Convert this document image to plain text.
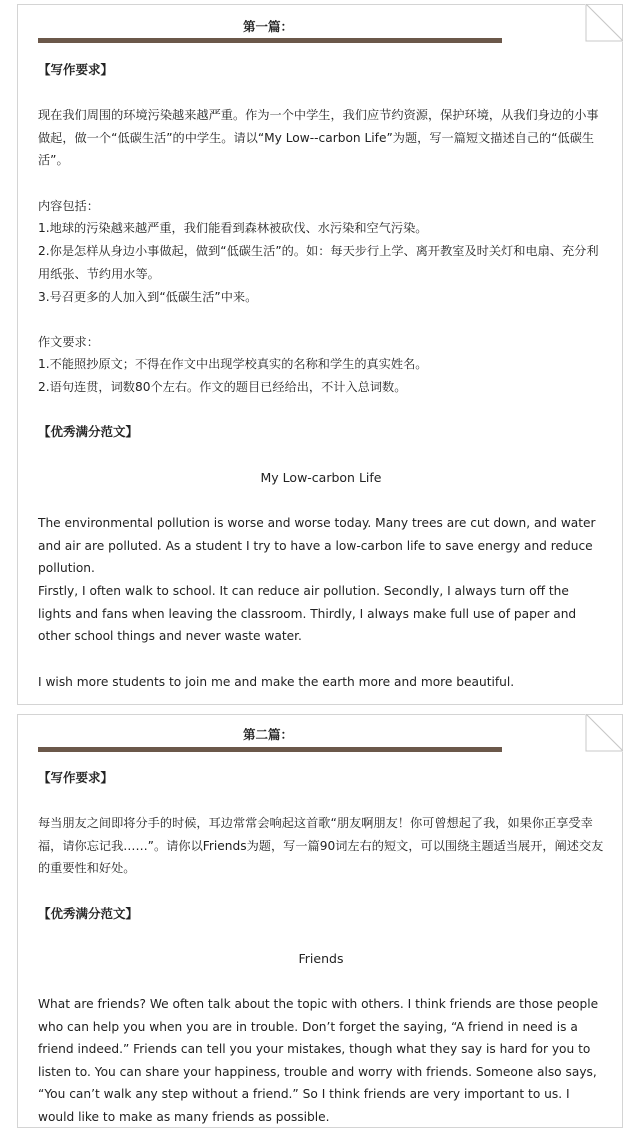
第一篇：

【写作要求】

现在我们周围的环境污染越来越严重。作为一个中学生，我们应节约资源，保护环境，从我们身边的小事做起，做一个“低碳生活”的中学生。请以“My Low--carbon Life”为题，写一篇短文描述自己的“低碳生活”。

内容包括：

1.地球的污染越来越严重，我们能看到森林被砍伐、水污染和空气污染。

2.你是怎样从身边小事做起，做到“低碳生活”的。如：每天步行上学、离开教室及时关灯和电扇、充分利用纸张、节约用水等。

3.号召更多的人加入到“低碳生活”中来。

作文要求：

1.不能照抄原文；不得在作文中出现学校真实的名称和学生的真实姓名。

2.语句连贯，词数80个左右。作文的题目已经给出，不计入总词数。

【优秀满分范文】

My Low-carbon Life

The environmental pollution is worse and worse today. Many trees are cut down, and water and air are polluted. As a student I try to have a low-carbon life to save energy and reduce pollution.

Firstly, I often walk to school. It can reduce air pollution. Secondly, I always turn off the lights and fans when leaving the classroom. Thirdly, I always make full use of paper and other school things and never waste water.

I wish more students to join me and make the earth more and more beautiful.

第二篇：

【写作要求】

每当朋友之间即将分手的时候，耳边常常会响起这首歌“朋友啊朋友！你可曾想起了我，如果你正享受幸福，请你忘记我……”。请你以Friends为题，写一篇90词左右的短文，可以围绕主题适当展开，阐述交友的重要性和好处。

【优秀满分范文】

Friends

What are friends? We often talk about the topic with others. I think friends are those people who can help you when you are in trouble. Don’t forget the saying, “A friend in need is a friend indeed.” Friends can tell you your mistakes, though what they say is hard for you to listen to. You can share your happiness, trouble and worry with friends. Someone also says, “You can’t walk any step without a friend.” So I think friends are very important to us. I would like to make as many friends as possible.
